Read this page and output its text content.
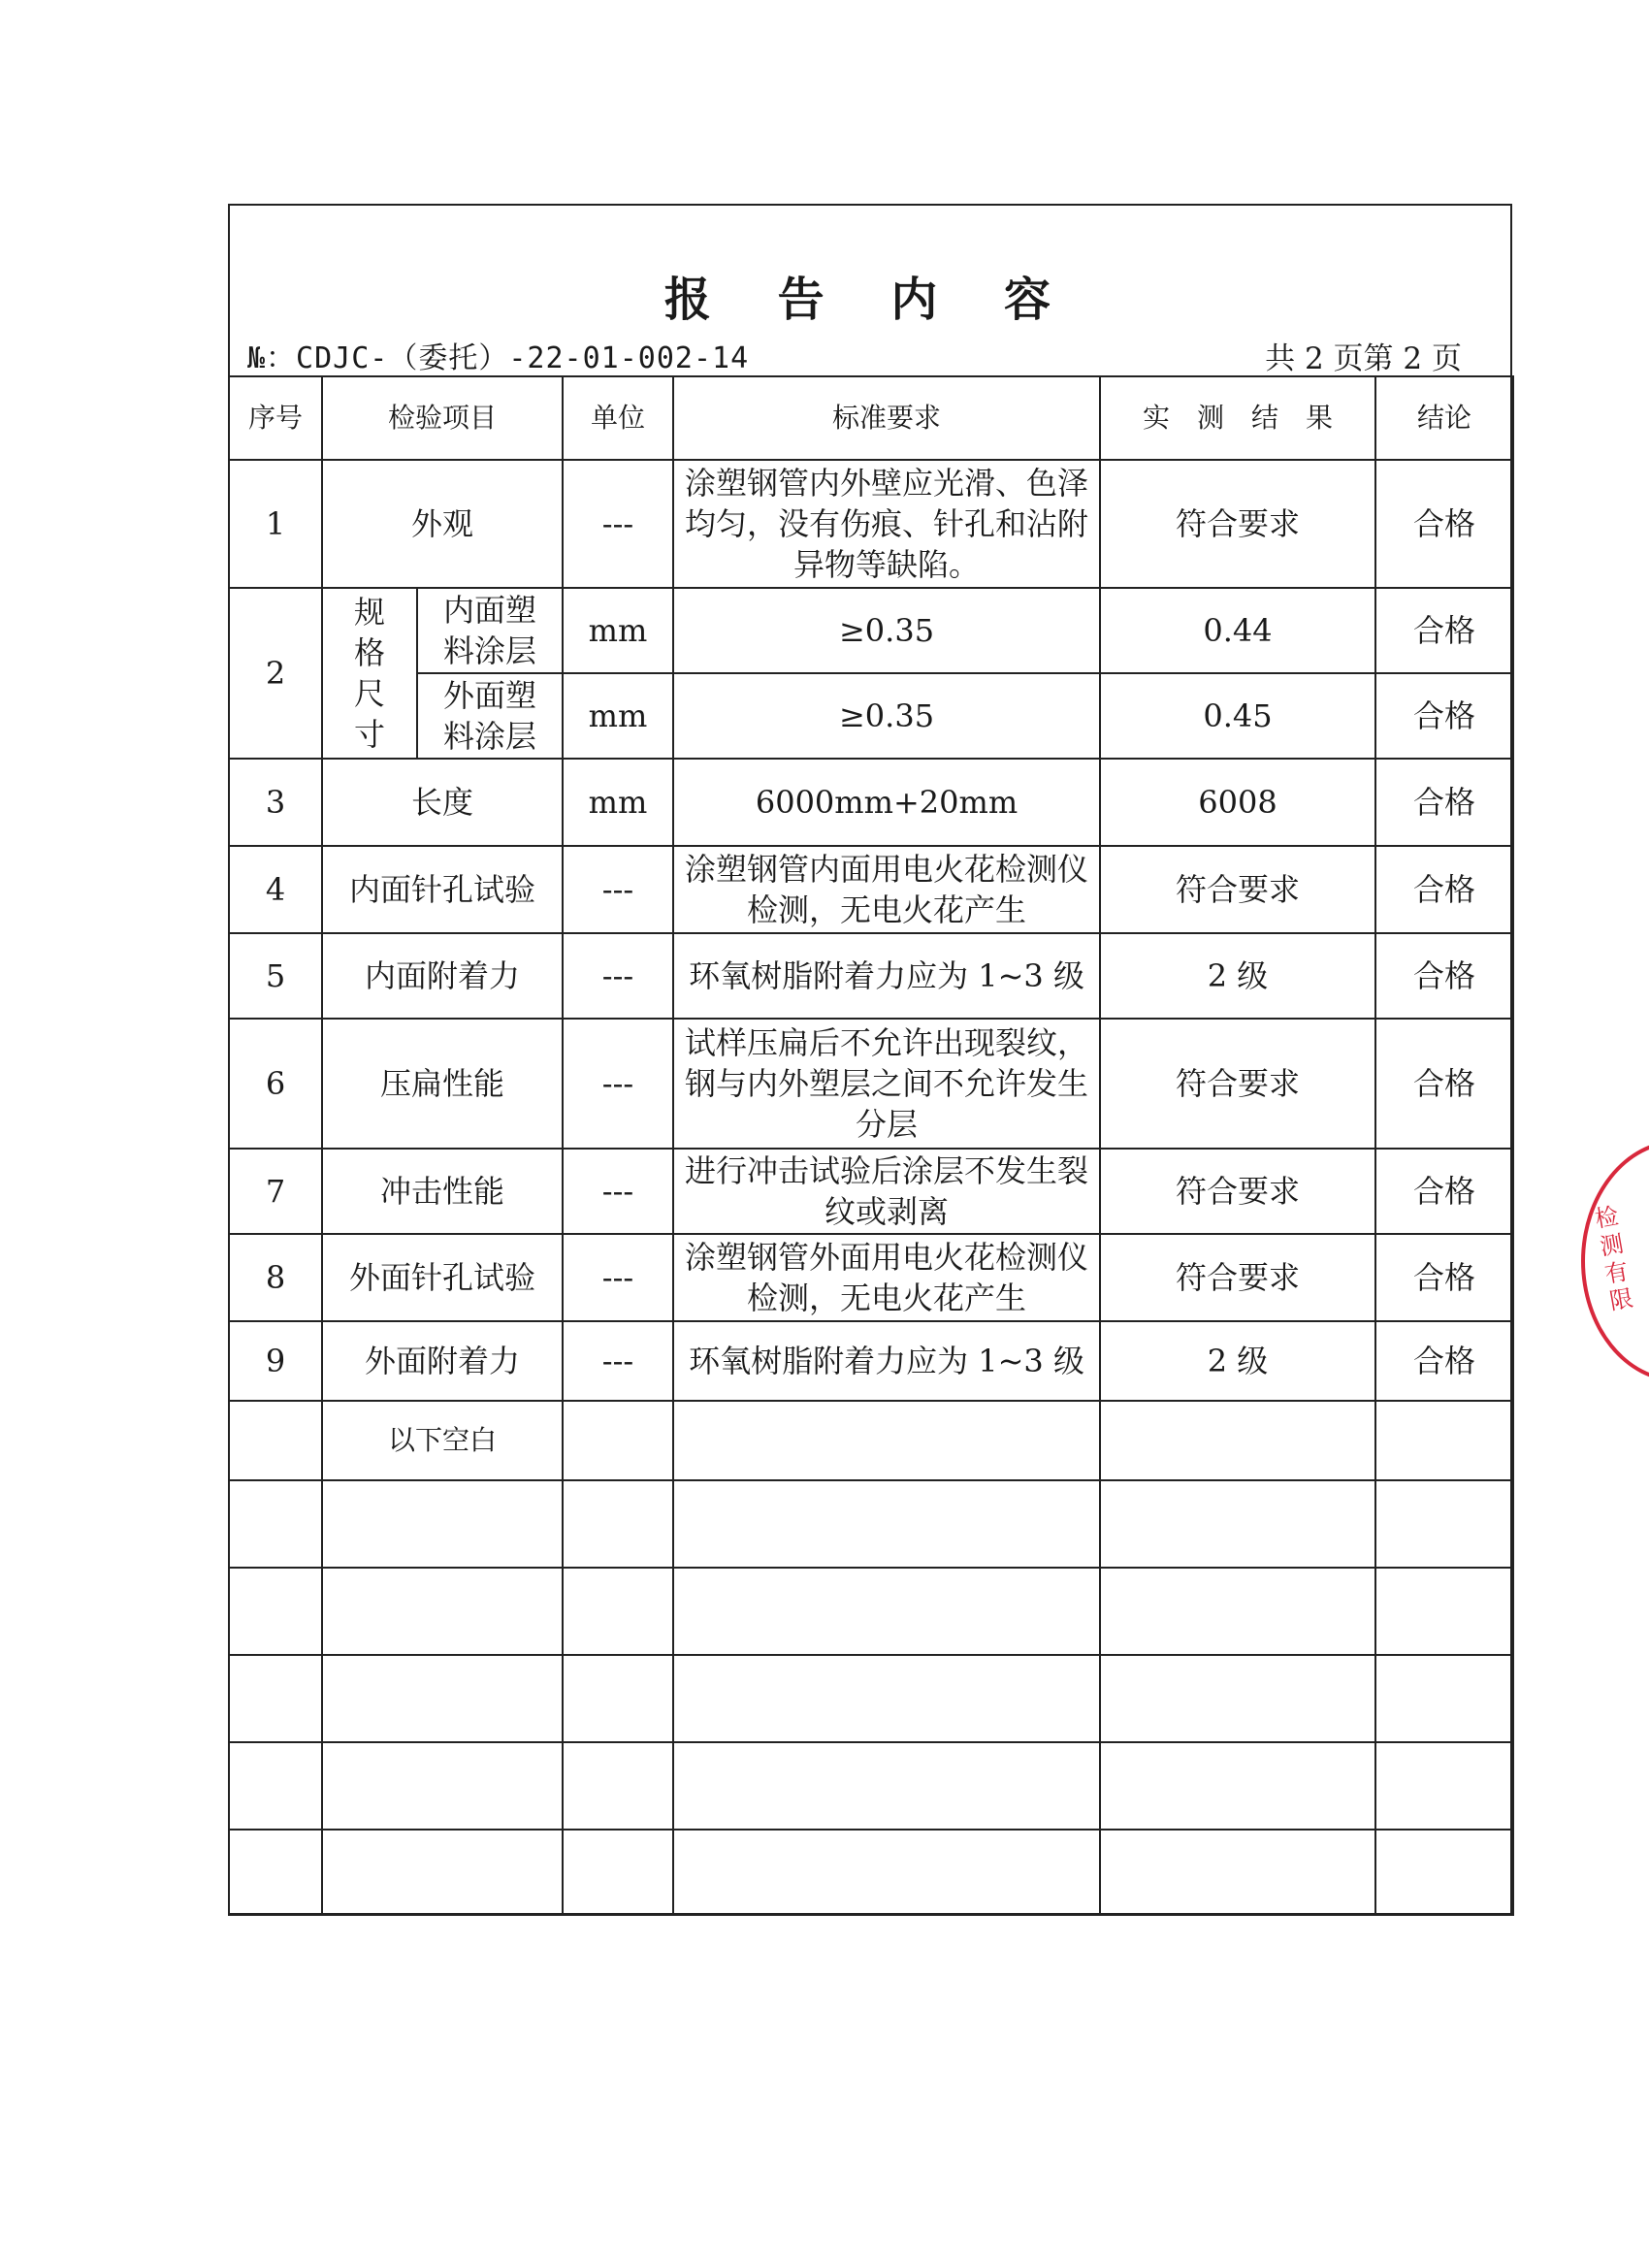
报 告 内 容
№：CDJC-（委托）-22-01-002-14	共 2 页第 2 页
序号	检验项目		单位	标准要求	实　测　结　果	结论
1	外观		---	涂塑钢管内外壁应光滑、色泽均匀，没有伤痕、针孔和沾附异物等缺陷。	符合要求	合格
2	规格尺寸	内面塑料涂层	mm	≥0.35	0.44	合格
		外面塑料涂层	mm	≥0.35	0.45	合格
3	长度		mm	6000mm+20mm	6008	合格
4	内面针孔试验		---	涂塑钢管内面用电火花检测仪检测，无电火花产生	符合要求	合格
5	内面附着力		---	环氧树脂附着力应为 1~3 级	2 级	合格
6	压扁性能		---	试样压扁后不允许出现裂纹，钢与内外塑层之间不允许发生分层	符合要求	合格
7	冲击性能		---	进行冲击试验后涂层不发生裂纹或剥离	符合要求	合格
8	外面针孔试验		---	涂塑钢管外面用电火花检测仪检测，无电火花产生	符合要求	合格
9	外面附着力		---	环氧树脂附着力应为 1~3 级	2 级	合格
	以下空白					

检测有限
